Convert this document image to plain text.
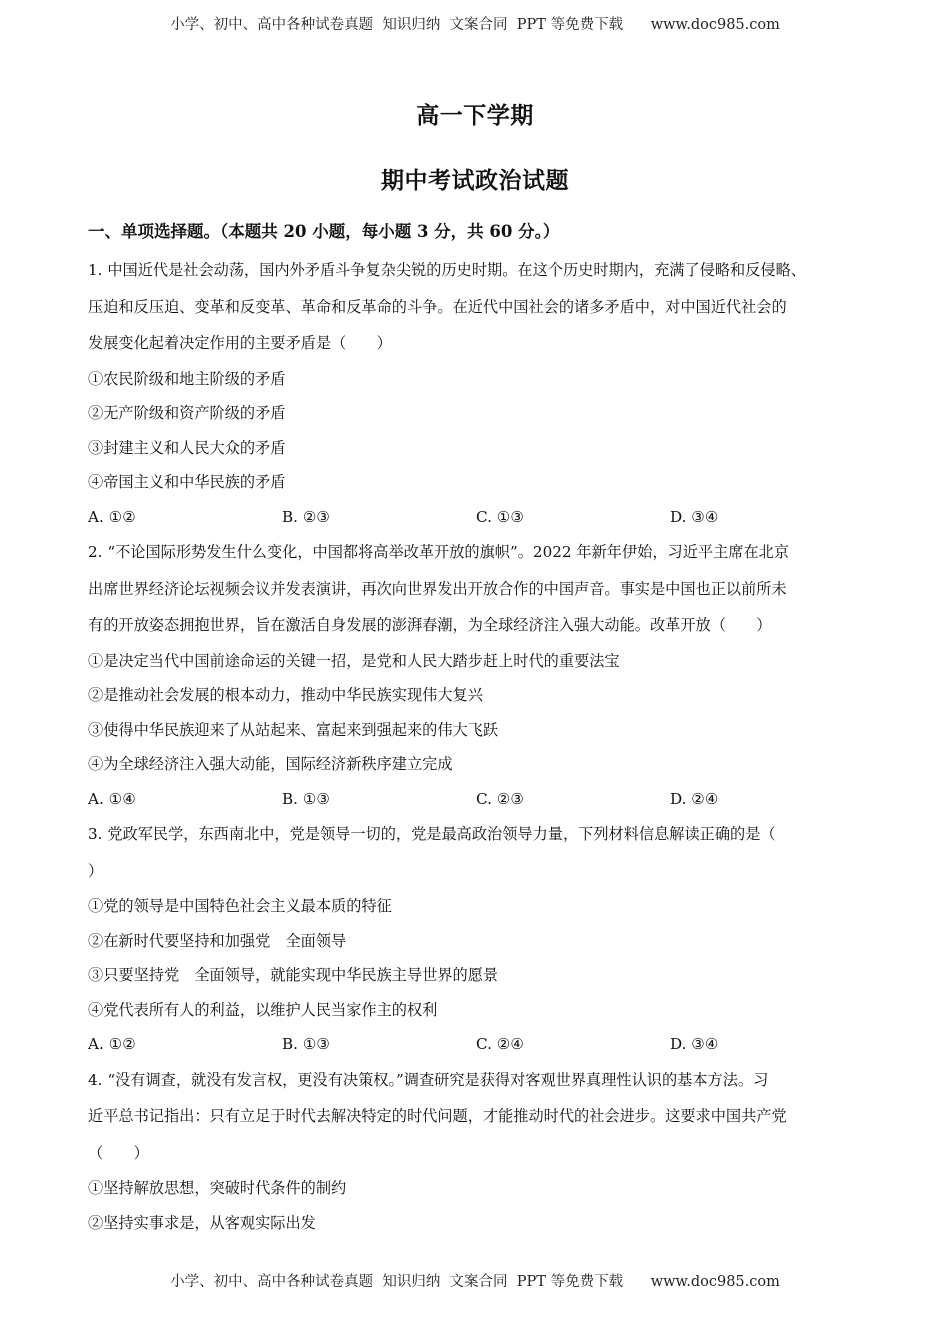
小学、初中、高中各种试卷真题  知识归纳  文案合同  PPT 等免费下载      www.doc985.com
高一下学期
期中考试政治试题
一、单项选择题。（本题共 20 小题，每小题 3 分，共 60 分。）
1. 中国近代是社会动荡，国内外矛盾斗争复杂尖锐的历史时期。在这个历史时期内，充满了侵略和反侵略、
压迫和反压迫、变革和反变革、革命和反革命的斗争。在近代中国社会的诸多矛盾中，对中国近代社会的
发展变化起着决定作用的主要矛盾是（　　）
①农民阶级和地主阶级的矛盾
②无产阶级和资产阶级的矛盾
③封建主义和人民大众的矛盾
④帝国主义和中华民族的矛盾
A. ①②	B. ②③	C. ①③	D. ③④
2. “不论国际形势发生什么变化，中国都将高举改革开放的旗帜”。2022 年新年伊始，习近平主席在北京
出席世界经济论坛视频会议并发表演讲，再次向世界发出开放合作的中国声音。事实是中国也正以前所未
有的开放姿态拥抱世界，旨在激活自身发展的澎湃春潮，为全球经济注入强大动能。改革开放（　　）
①是决定当代中国前途命运的关键一招，是党和人民大踏步赶上时代的重要法宝
②是推动社会发展的根本动力，推动中华民族实现伟大复兴
③使得中华民族迎来了从站起来、富起来到强起来的伟大飞跃
④为全球经济注入强大动能，国际经济新秩序建立完成
A. ①④	B. ①③	C. ②③	D. ②④
3. 党政军民学，东西南北中，党是领导一切的，党是最高政治领导力量，下列材料信息解读正确的是（
）
①党的领导是中国特色社会主义最本质的特征
②在新时代要坚持和加强党　全面领导
③只要坚持党　全面领导，就能实现中华民族主导世界的愿景
④党代表所有人的利益，以维护人民当家作主的权利
A. ①②	B. ①③	C. ②④	D. ③④
4. “没有调查，就没有发言权，更没有决策权。”调查研究是获得对客观世界真理性认识的基本方法。习
近平总书记指出：只有立足于时代去解决特定的时代问题，才能推动时代的社会进步。这要求中国共产党
（　　）
①坚持解放思想，突破时代条件的制约
②坚持实事求是，从客观实际出发
小学、初中、高中各种试卷真题  知识归纳  文案合同  PPT 等免费下载      www.doc985.com
